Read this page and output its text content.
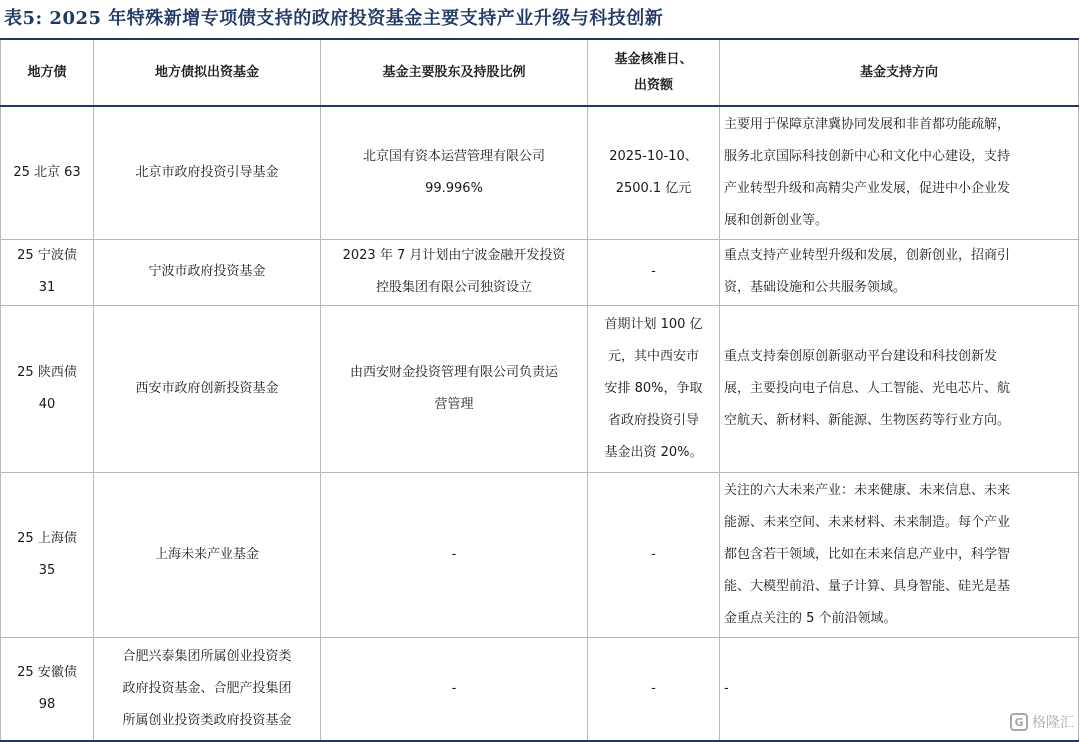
表5: 2025 年特殊新增专项债支持的政府投资基金主要支持产业升级与科技创新
地方债	地方债拟出资基金	基金主要股东及持股比例	基金核准日、
出资额	基金支持方向

25 北京 63	北京市政府投资引导基金	北京国有资本运营管理有限公司
99.996%	2025-10-10、
2500.1 亿元	主要用于保障京津冀协同发展和非首都功能疏解，
服务北京国际科技创新中心和文化中心建设，支持
产业转型升级和高精尖产业发展，促进中小企业发
展和创新创业等。

25 宁波债
31	宁波市政府投资基金	2023 年 7 月计划由宁波金融开发投资
控股集团有限公司独资设立	-	重点支持产业转型升级和发展，创新创业，招商引
资，基础设施和公共服务领域。

25 陕西债
40	西安市政府创新投资基金	由西安财金投资管理有限公司负责运
营管理	首期计划 100 亿
元，其中西安市
安排 80%，争取
省政府投资引导
基金出资 20%。	重点支持秦创原创新驱动平台建设和科技创新发
展，主要投向电子信息、人工智能、光电芯片、航
空航天、新材料、新能源、生物医药等行业方向。

25 上海债
35	上海未来产业基金	-	-	关注的六大未来产业：未来健康、未来信息、未来
能源、未来空间、未来材料、未来制造。每个产业
都包含若干领域，比如在未来信息产业中，科学智
能、大模型前沿、量子计算、具身智能、硅光是基
金重点关注的 5 个前沿领域。

25 安徽债
98	合肥兴泰集团所属创业投资类
政府投资基金、合肥产投集团
所属创业投资类政府投资基金	-	-	-
G 格隆汇
